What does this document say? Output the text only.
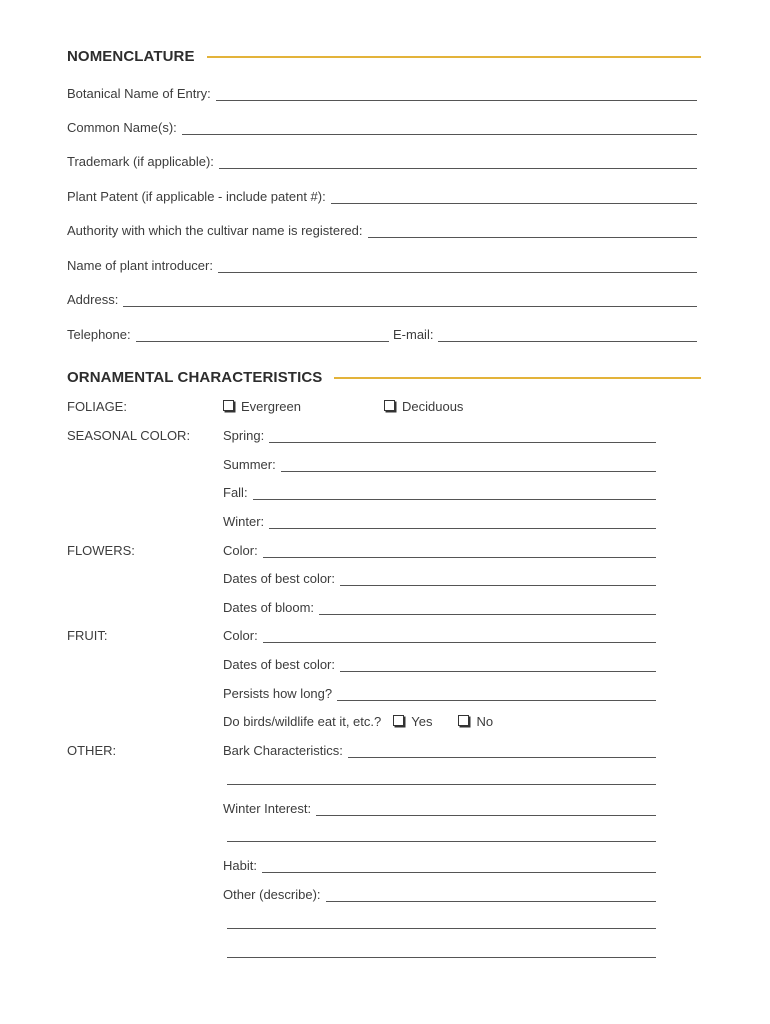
NOMENCLATURE
Botanical Name of Entry:
Common Name(s):
Trademark (if applicable):
Plant Patent (if applicable - include patent #):
Authority with which the cultivar name is registered:
Name of plant introducer:
Address:
Telephone:	E-mail:
ORNAMENTAL CHARACTERISTICS
FOLIAGE:	Evergreen	Deciduous
SEASONAL COLOR:	Spring:
Summer:
Fall:
Winter:
FLOWERS:	Color:
Dates of best color:
Dates of bloom:
FRUIT:	Color:
Dates of best color:
Persists how long?
Do birds/wildlife eat it, etc.? Yes	No
OTHER:	Bark Characteristics:
Winter Interest:
Habit:
Other (describe):
